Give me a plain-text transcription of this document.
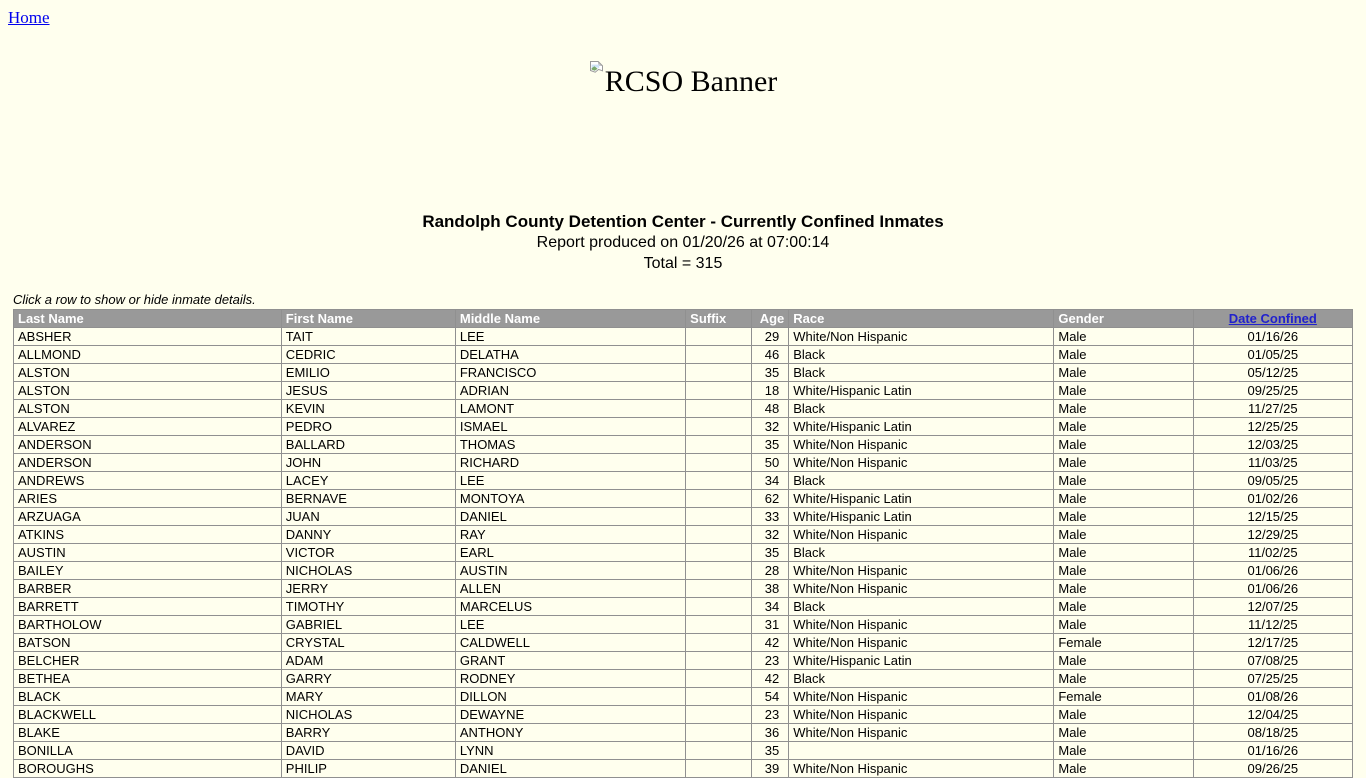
Home
RCSO Banner
Randolph County Detention Center - Currently Confined Inmates
Report produced on 01/20/26 at 07:00:14
Total = 315
Click a row to show or hide inmate details.
Last Name	First Name	Middle Name	Suffix	Age	Race	Gender	Date Confined
ABSHER	TAIT	LEE		29	White/Non Hispanic	Male	01/16/26
ALLMOND	CEDRIC	DELATHA		46	Black	Male	01/05/25
ALSTON	EMILIO	FRANCISCO		35	Black	Male	05/12/25
ALSTON	JESUS	ADRIAN		18	White/Hispanic Latin	Male	09/25/25
ALSTON	KEVIN	LAMONT		48	Black	Male	11/27/25
ALVAREZ	PEDRO	ISMAEL		32	White/Hispanic Latin	Male	12/25/25
ANDERSON	BALLARD	THOMAS		35	White/Non Hispanic	Male	12/03/25
ANDERSON	JOHN	RICHARD		50	White/Non Hispanic	Male	11/03/25
ANDREWS	LACEY	LEE		34	Black	Male	09/05/25
ARIES	BERNAVE	MONTOYA		62	White/Hispanic Latin	Male	01/02/26
ARZUAGA	JUAN	DANIEL		33	White/Hispanic Latin	Male	12/15/25
ATKINS	DANNY	RAY		32	White/Non Hispanic	Male	12/29/25
AUSTIN	VICTOR	EARL		35	Black	Male	11/02/25
BAILEY	NICHOLAS	AUSTIN		28	White/Non Hispanic	Male	01/06/26
BARBER	JERRY	ALLEN		38	White/Non Hispanic	Male	01/06/26
BARRETT	TIMOTHY	MARCELUS		34	Black	Male	12/07/25
BARTHOLOW	GABRIEL	LEE		31	White/Non Hispanic	Male	11/12/25
BATSON	CRYSTAL	CALDWELL		42	White/Non Hispanic	Female	12/17/25
BELCHER	ADAM	GRANT		23	White/Hispanic Latin	Male	07/08/25
BETHEA	GARRY	RODNEY		42	Black	Male	07/25/25
BLACK	MARY	DILLON		54	White/Non Hispanic	Female	01/08/26
BLACKWELL	NICHOLAS	DEWAYNE		23	White/Non Hispanic	Male	12/04/25
BLAKE	BARRY	ANTHONY		36	White/Non Hispanic	Male	08/18/25
BONILLA	DAVID	LYNN		35		Male	01/16/26
BOROUGHS	PHILIP	DANIEL		39	White/Non Hispanic	Male	09/26/25
